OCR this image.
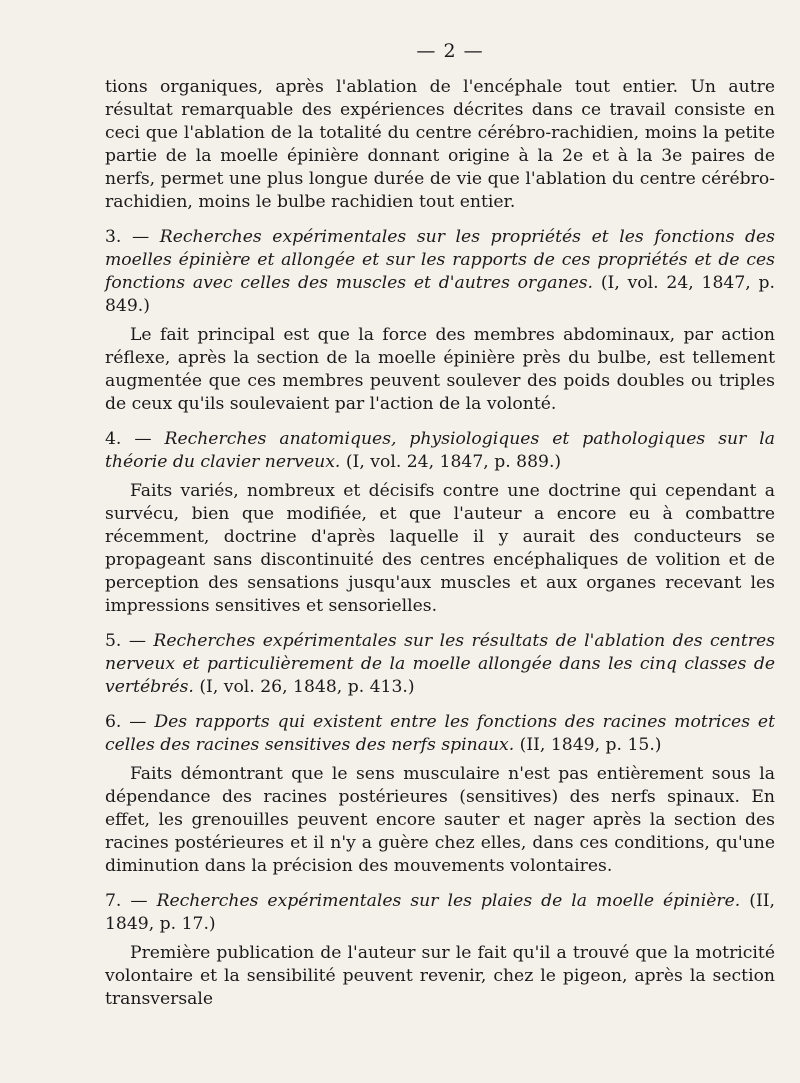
— 2 —

tions organiques, après l'ablation de l'encéphale tout entier. Un autre résultat remarquable des expériences décrites dans ce travail consiste en ceci que l'ablation de la totalité du centre cérébro-rachidien, moins la petite partie de la moelle épinière donnant origine à la 2e et à la 3e paires de nerfs, permet une plus longue durée de vie que l'ablation du centre cérébro-rachidien, moins le bulbe rachidien tout entier.

3. — Recherches expérimentales sur les propriétés et les fonctions des moelles épinière et allongée et sur les rapports de ces propriétés et de ces fonctions avec celles des muscles et d'autres organes. (I, vol. 24, 1847, p. 849.)

Le fait principal est que la force des membres abdominaux, par action réflexe, après la section de la moelle épinière près du bulbe, est tellement augmentée que ces membres peuvent soulever des poids doubles ou triples de ceux qu'ils soulevaient par l'action de la volonté.

4. — Recherches anatomiques, physiologiques et pathologiques sur la théorie du clavier nerveux. (I, vol. 24, 1847, p. 889.)

Faits variés, nombreux et décisifs contre une doctrine qui cependant a survécu, bien que modifiée, et que l'auteur a encore eu à combattre récemment, doctrine d'après laquelle il y aurait des conducteurs se propageant sans discontinuité des centres encéphaliques de volition et de perception des sensations jusqu'aux muscles et aux organes recevant les impressions sensitives et sensorielles.

5. — Recherches expérimentales sur les résultats de l'ablation des centres nerveux et particulièrement de la moelle allongée dans les cinq classes de vertébrés. (I, vol. 26, 1848, p. 413.)

6. — Des rapports qui existent entre les fonctions des racines motrices et celles des racines sensitives des nerfs spinaux. (II, 1849, p. 15.)

Faits démontrant que le sens musculaire n'est pas entièrement sous la dépendance des racines postérieures (sensitives) des nerfs spinaux. En effet, les grenouilles peuvent encore sauter et nager après la section des racines postérieures et il n'y a guère chez elles, dans ces conditions, qu'une diminution dans la précision des mouvements volontaires.

7. — Recherches expérimentales sur les plaies de la moelle épinière. (II, 1849, p. 17.)

Première publication de l'auteur sur le fait qu'il a trouvé que la motricité volontaire et la sensibilité peuvent revenir, chez le pigeon, après la section transversale
